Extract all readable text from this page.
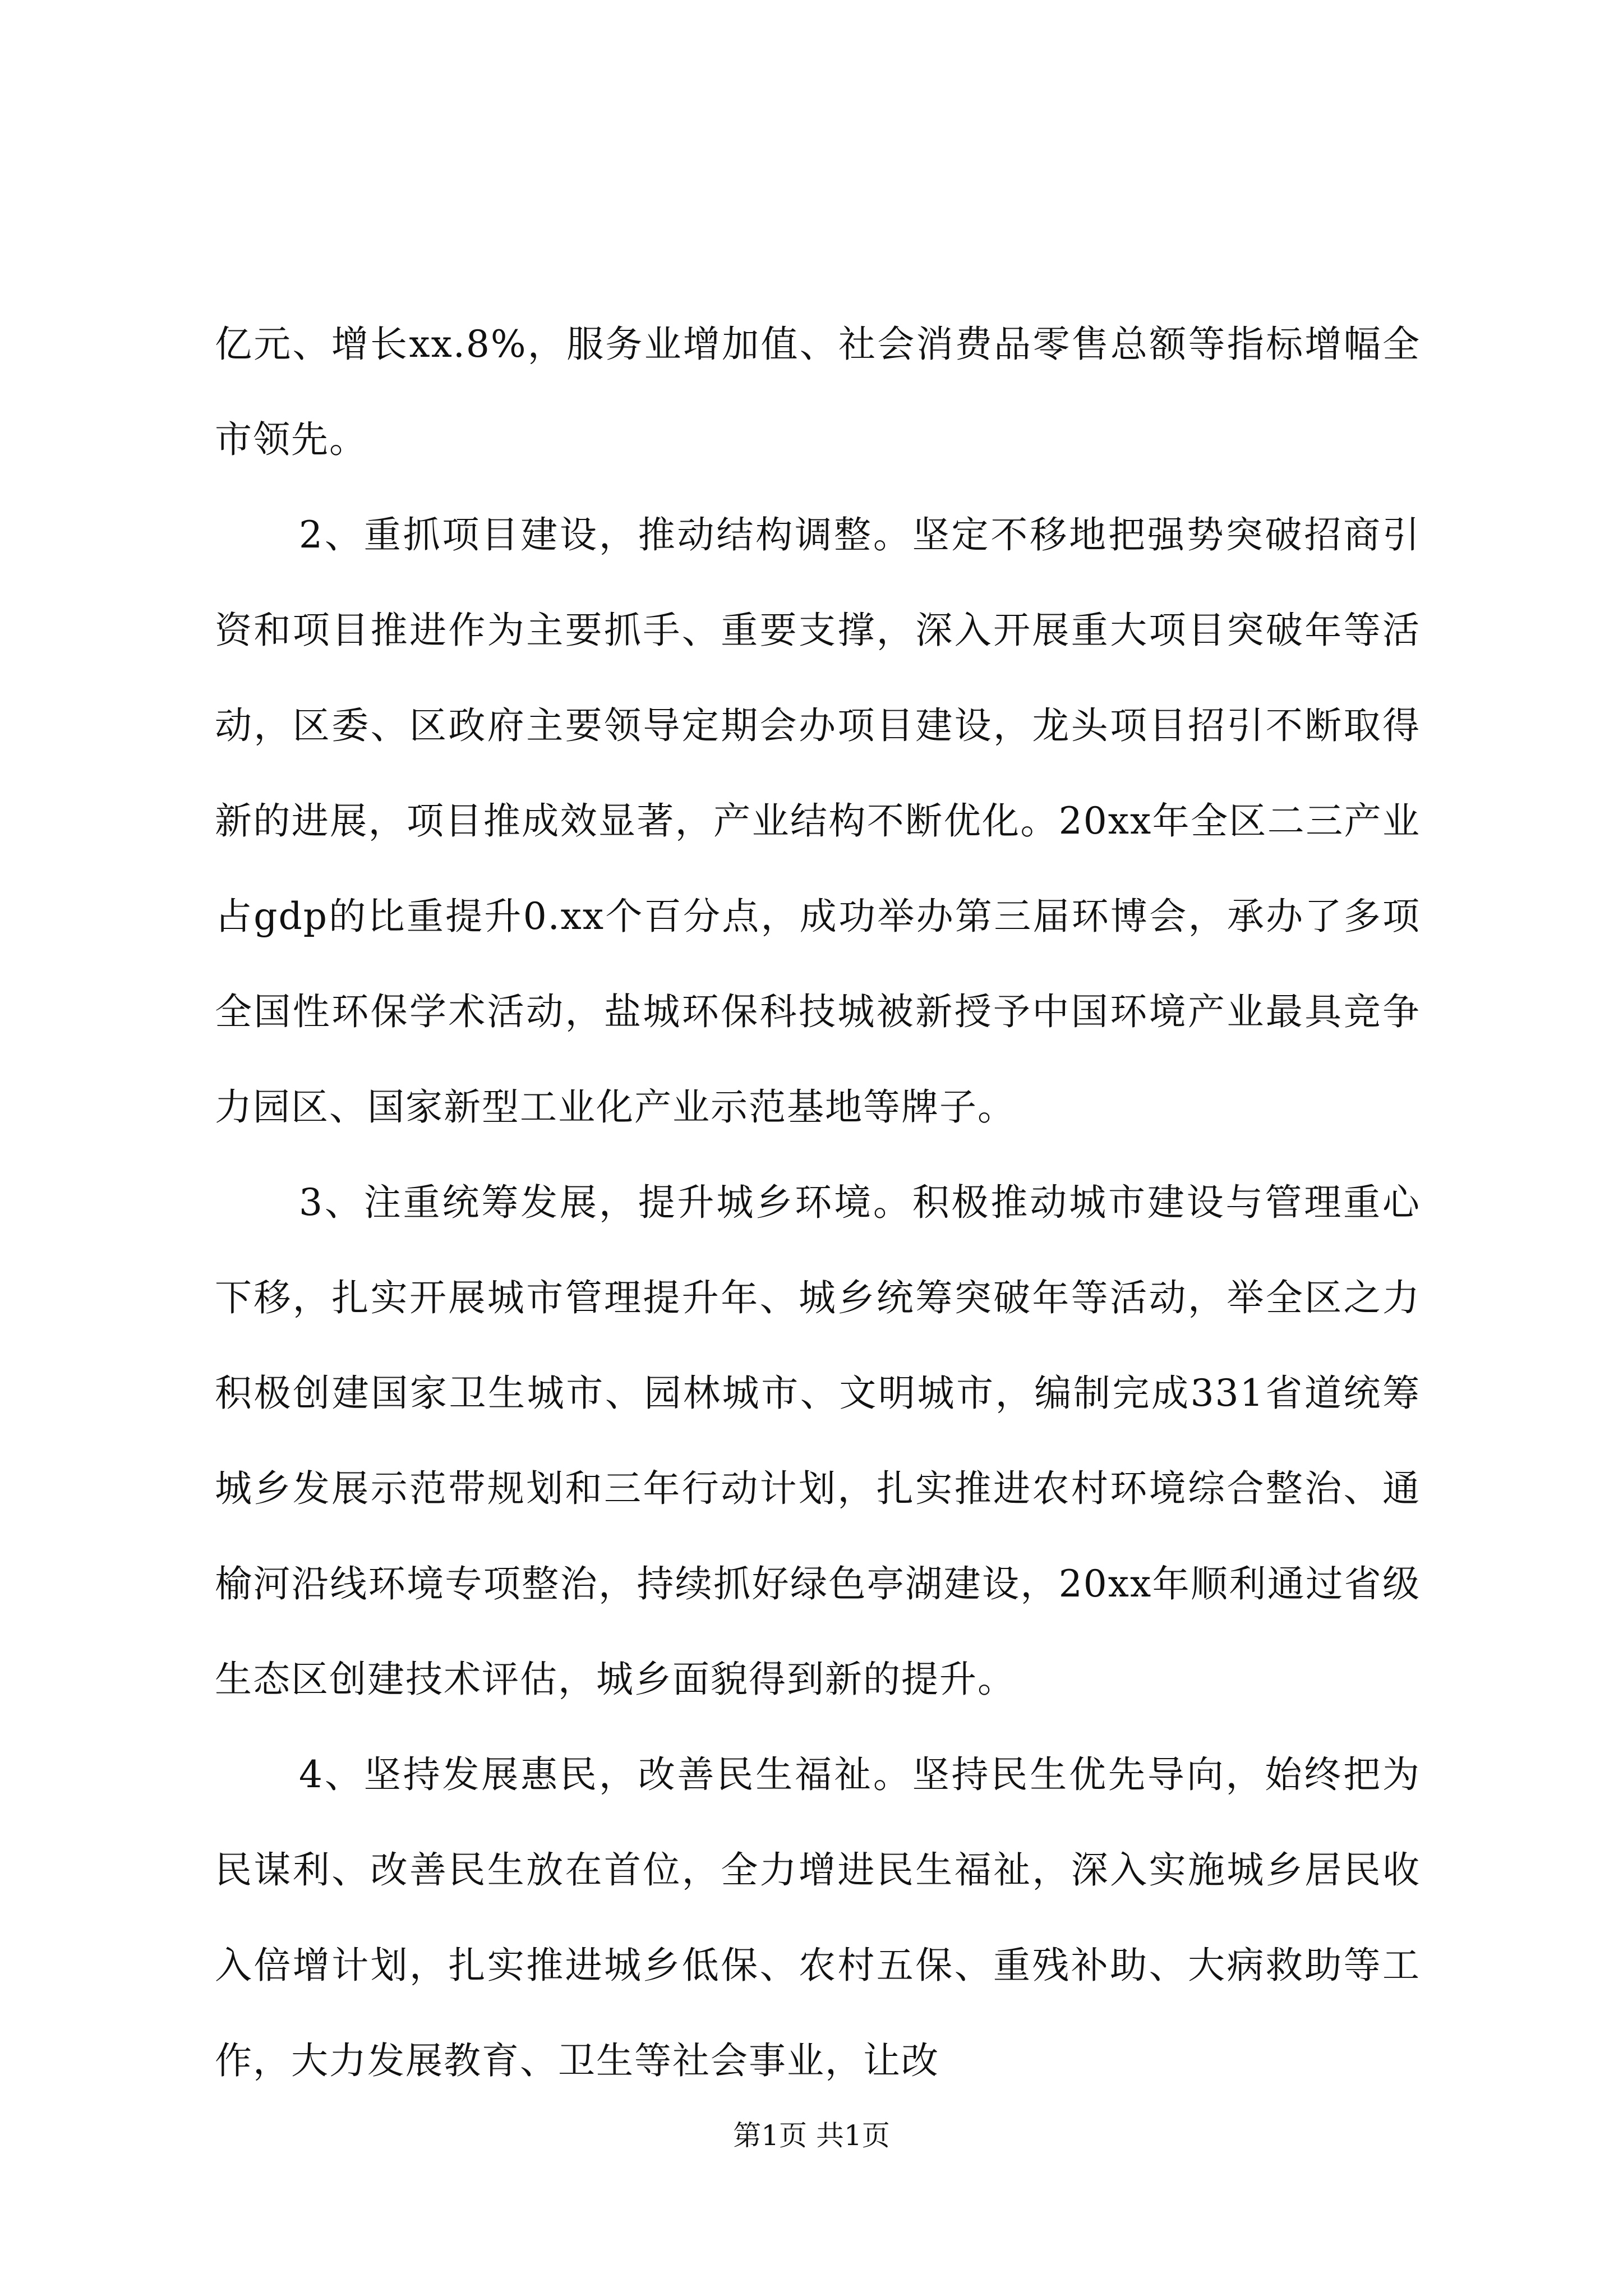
亿元、增长xx.8%，服务业增加值、社会消费品零售总额等指标增幅全市领先。

2、重抓项目建设，推动结构调整。坚定不移地把强势突破招商引资和项目推进作为主要抓手、重要支撑，深入开展重大项目突破年等活动，区委、区政府主要领导定期会办项目建设，龙头项目招引不断取得新的进展，项目推成效显著，产业结构不断优化。20xx年全区二三产业占gdp的比重提升0.xx个百分点，成功举办第三届环博会，承办了多项全国性环保学术活动，盐城环保科技城被新授予中国环境产业最具竞争力园区、国家新型工业化产业示范基地等牌子。

3、注重统筹发展，提升城乡环境。积极推动城市建设与管理重心下移，扎实开展城市管理提升年、城乡统筹突破年等活动，举全区之力积极创建国家卫生城市、园林城市、文明城市，编制完成331省道统筹城乡发展示范带规划和三年行动计划，扎实推进农村环境综合整治、通榆河沿线环境专项整治，持续抓好绿色亭湖建设，20xx年顺利通过省级生态区创建技术评估，城乡面貌得到新的提升。

4、坚持发展惠民，改善民生福祉。坚持民生优先导向，始终把为民谋利、改善民生放在首位，全力增进民生福祉，深入实施城乡居民收入倍增计划，扎实推进城乡低保、农村五保、重残补助、大病救助等工作，大力发展教育、卫生等社会事业，让改

第1页 共1页
